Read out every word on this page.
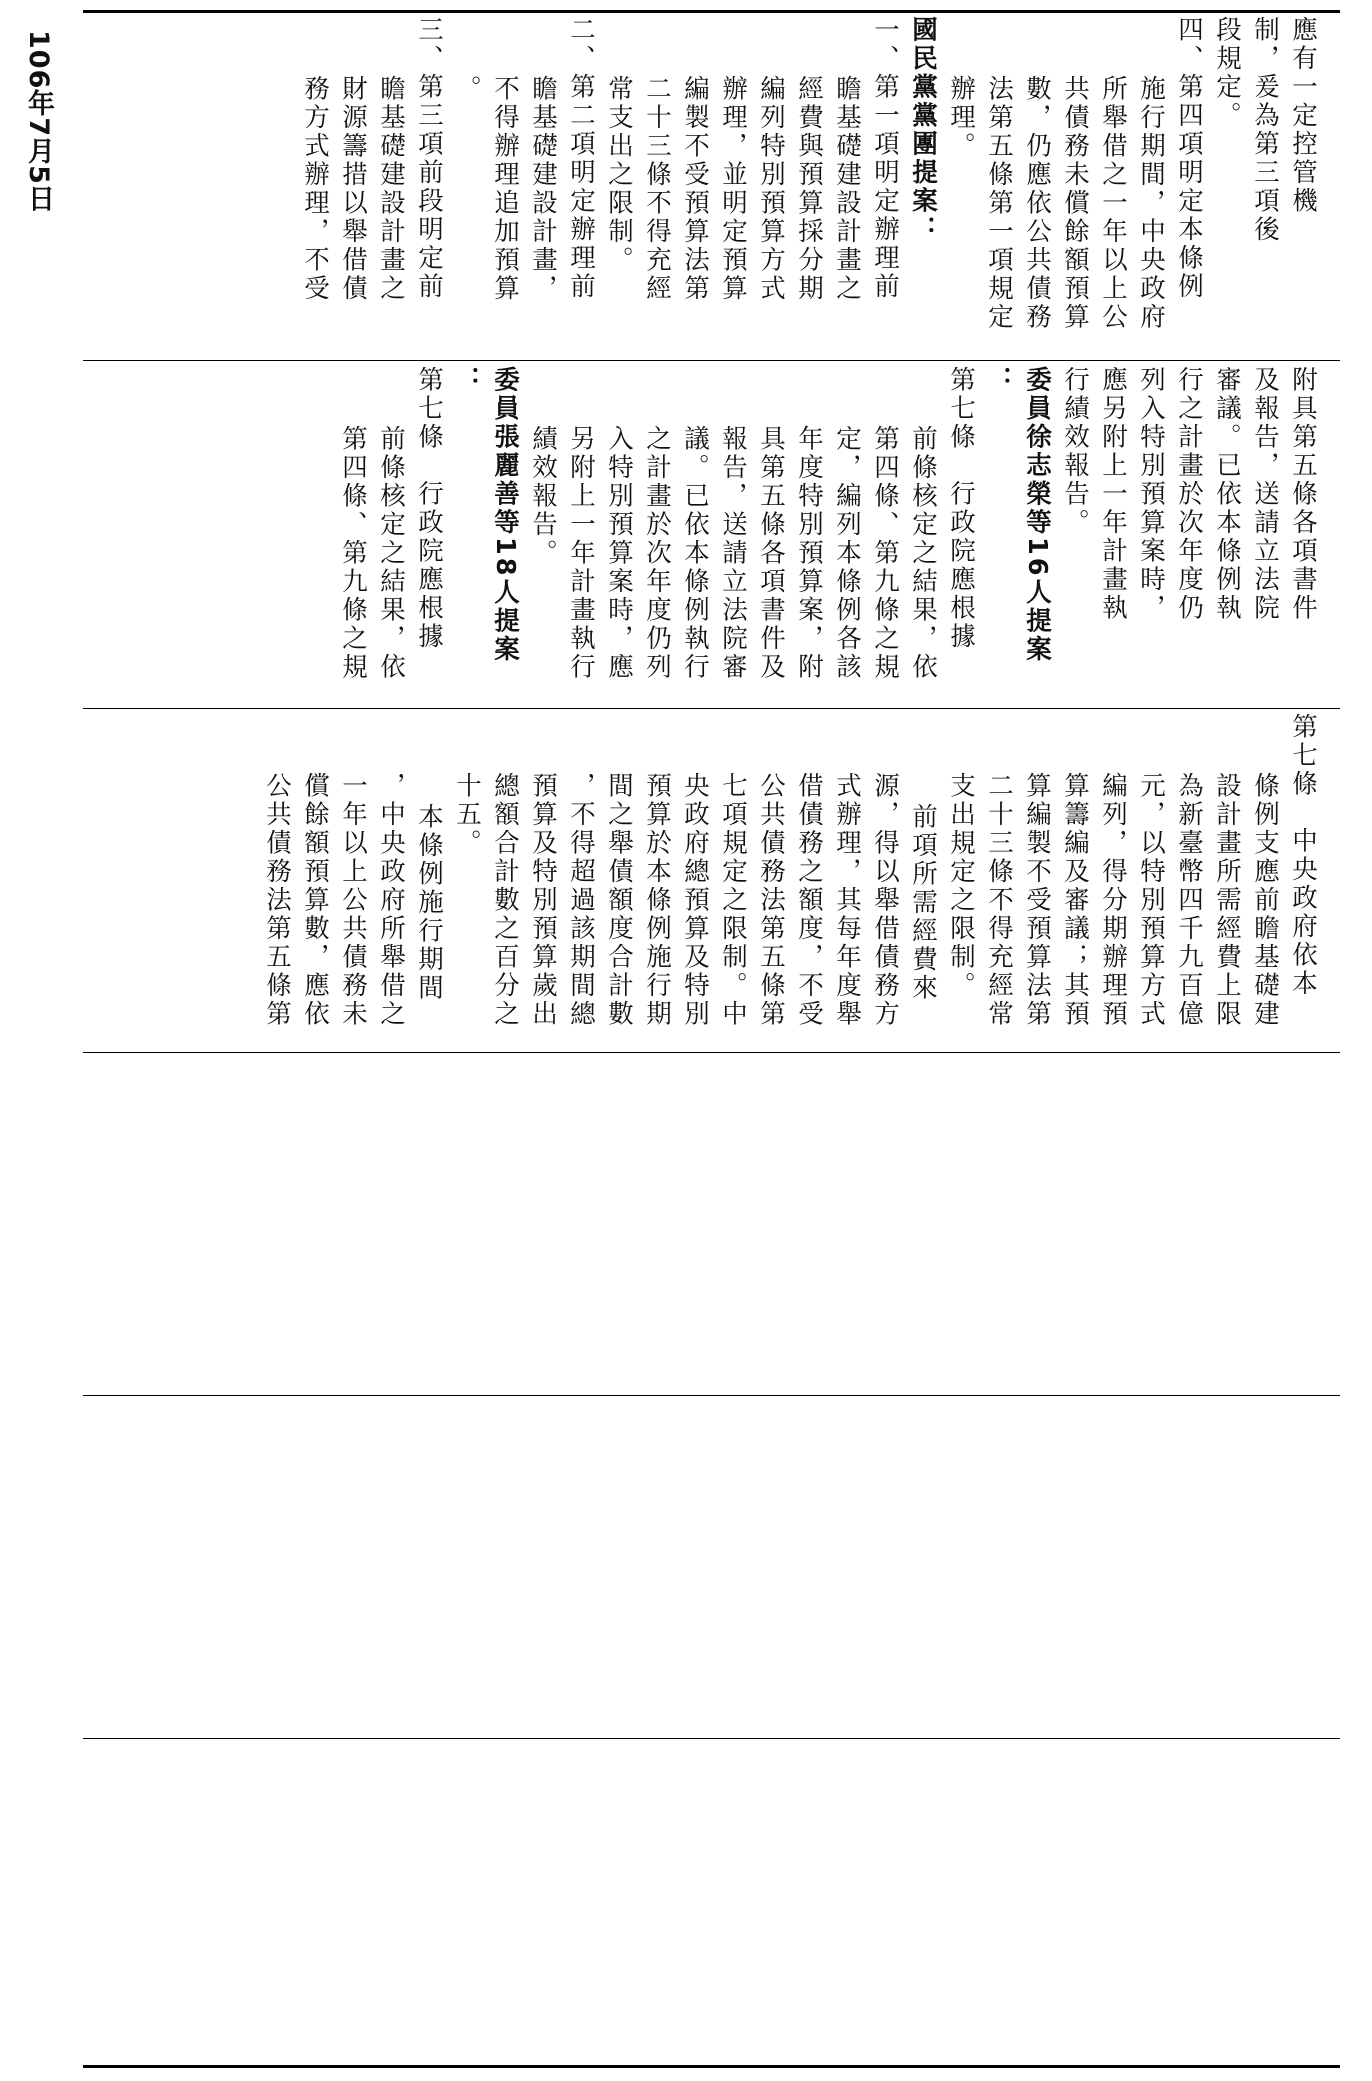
106年7月5日	應有一定控管機
制，爰為第三項後
段規定。
四、第四項明定本條例
施行期間，中央政府
所舉借之一年以上公
共債務未償餘額預算
數，仍應依公共債務
法第五條第一項規定
辦理。
國民黨黨團提案：
一、第一項明定辦理前
瞻基礎建設計畫之
經費與預算採分期
編列特別預算方式
辦理，並明定預算
編製不受預算法第
二十三條不得充經
常支出之限制。
二、第二項明定辦理前
瞻基礎建設計畫，
不得辦理追加預算
。
三、第三項前段明定前
瞻基礎建設計畫之
財源籌措以舉借債
務方式辦理，不受
附具第五條各項書件
及報告，送請立法院
審議。已依本條例執
行之計畫於次年度仍
列入特別預算案時，
應另附上一年計畫執
行績效報告。
委員徐志榮等16人提案
：
第七條　行政院應根據
前條核定之結果，依
第四條、第九條之規
定，編列本條例各該
年度特別預算案，附
具第五條各項書件及
報告，送請立法院審
議。已依本條例執行
之計畫於次年度仍列
入特別預算案時，應
另附上一年計畫執行
績效報告。
委員張麗善等18人提案
：
第七條　行政院應根據
前條核定之結果，依
第四條、第九條之規
第七條　中央政府依本
條例支應前瞻基礎建
設計畫所需經費上限
為新臺幣四千九百億
元，以特別預算方式
編列，得分期辦理預
算籌編及審議；其預
算編製不受預算法第
二十三條不得充經常
支出規定之限制。
前項所需經費來
源，得以舉借債務方
式辦理，其每年度舉
借債務之額度，不受
公共債務法第五條第
七項規定之限制。中
央政府總預算及特別
預算於本條例施行期
間之舉債額度合計數
，不得超過該期間總
預算及特別預算歲出
總額合計數之百分之
十五。
本條例施行期間
，中央政府所舉借之
一年以上公共債務未
償餘額預算數，應依
公共債務法第五條第
